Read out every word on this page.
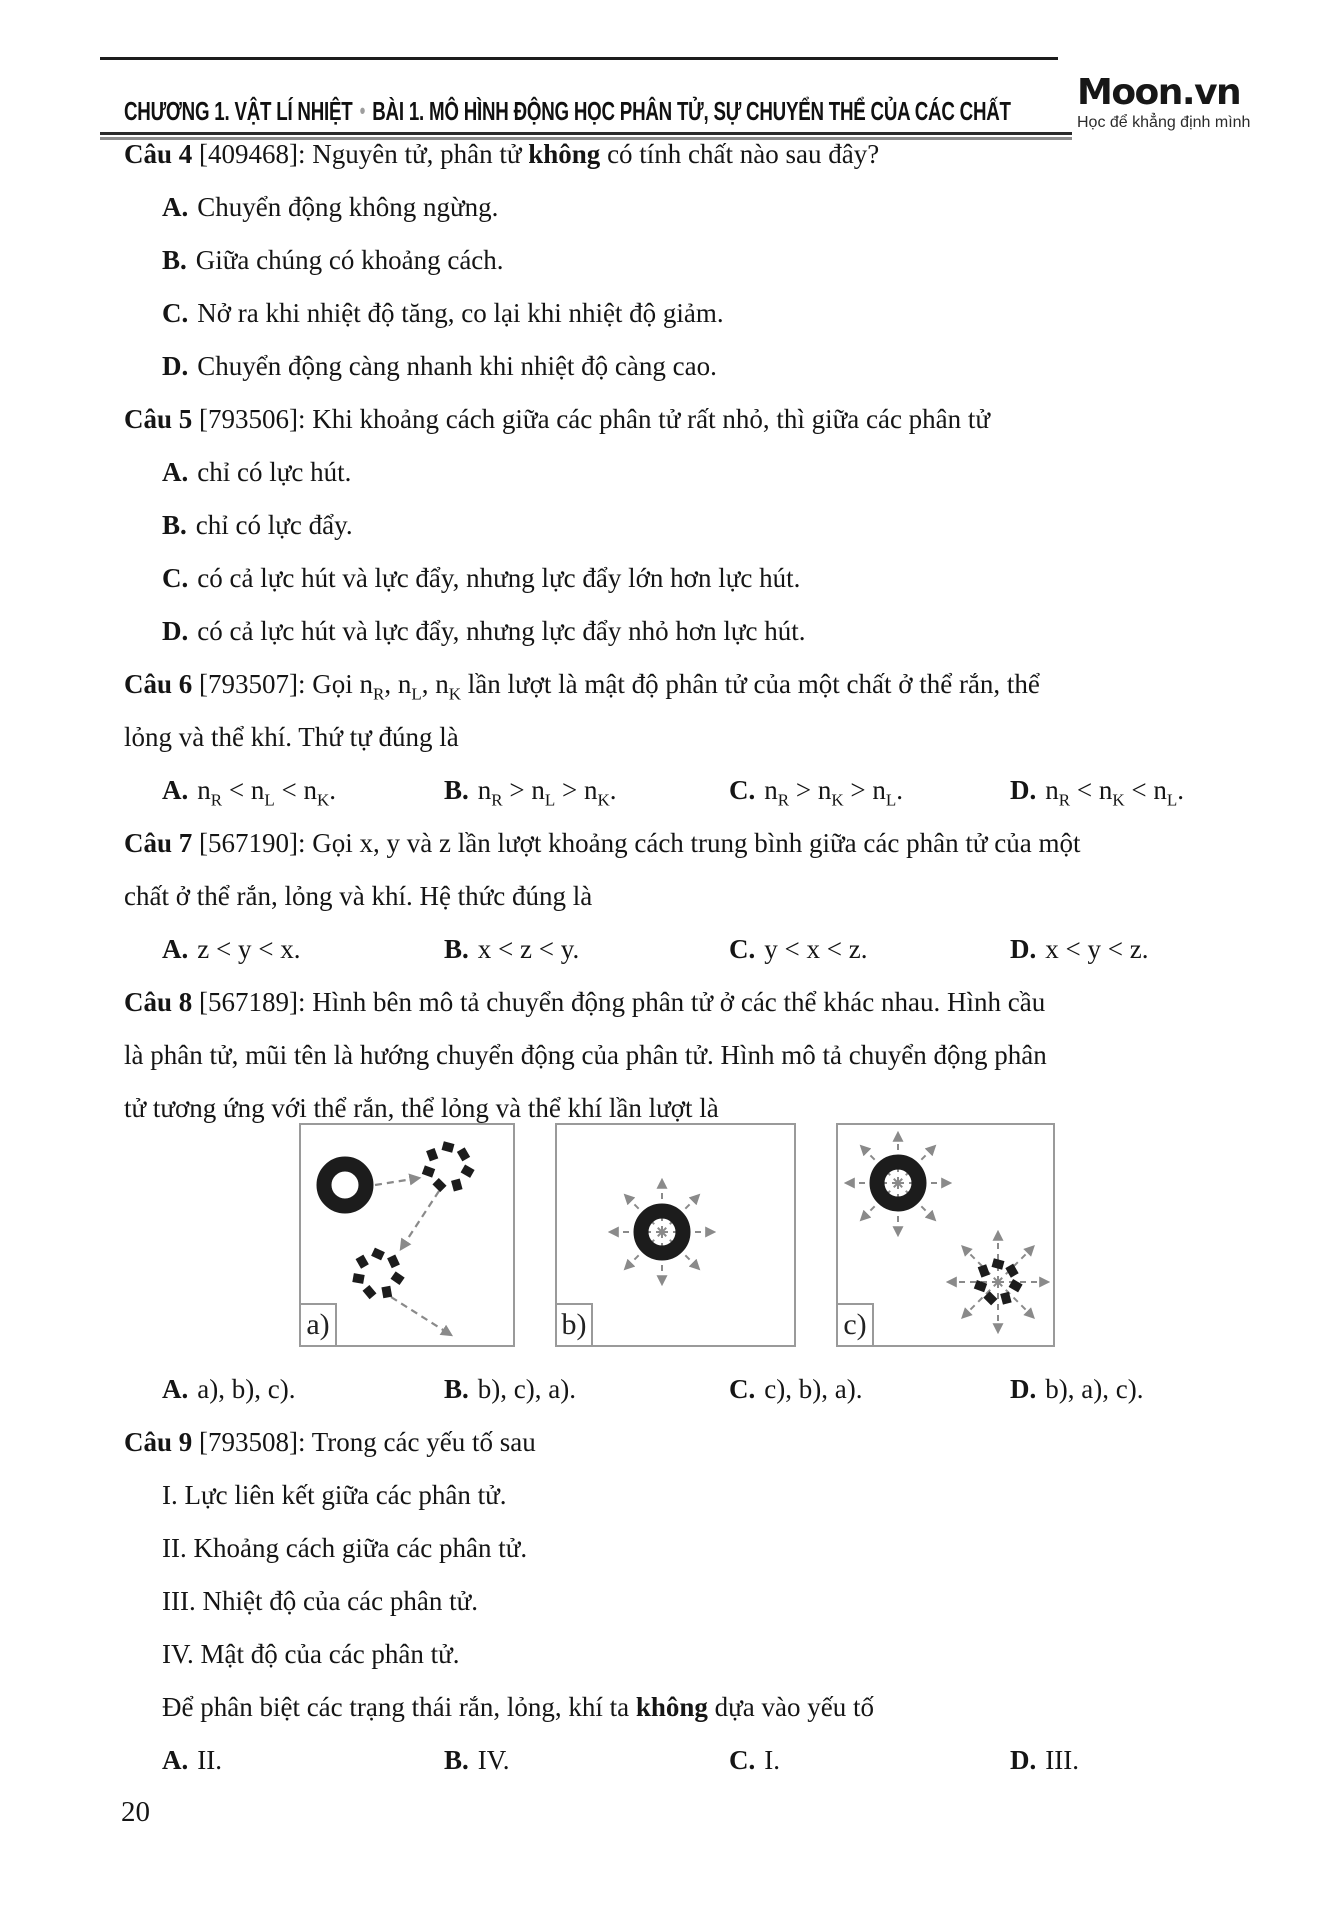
CHƯƠNG 1. VẬT LÍ NHIỆT • BÀI 1. MÔ HÌNH ĐỘNG HỌC PHÂN TỬ, SỰ CHUYỂN THỂ CỦA CÁC CHẤT Moon.vn
Học để khẳng định mình
Câu 4 [409468]: Nguyên tử, phân tử không có tính chất nào sau đây?
A. Chuyển động không ngừng.
B. Giữa chúng có khoảng cách.
C. Nở ra khi nhiệt độ tăng, co lại khi nhiệt độ giảm.
D. Chuyển động càng nhanh khi nhiệt độ càng cao.
Câu 5 [793506]: Khi khoảng cách giữa các phân tử rất nhỏ, thì giữa các phân tử
A. chỉ có lực hút.
B. chỉ có lực đẩy.
C. có cả lực hút và lực đẩy, nhưng lực đẩy lớn hơn lực hút.
D. có cả lực hút và lực đẩy, nhưng lực đẩy nhỏ hơn lực hút.
Câu 6 [793507]: Gọi $n_R$, $n_L$, $n_K$ lần lượt là mật độ phân tử của một chất ở thể rắn, thể
lỏng và thể khí. Thứ tự đúng là
A. $n_R < n_L < n_K$.	B. $n_R > n_L > n_K$.	C. $n_R > n_K > n_L$.	D. $n_R < n_K < n_L$.
Câu 7 [567190]: Gọi x, y và z lần lượt khoảng cách trung bình giữa các phân tử của một
chất ở thể rắn, lỏng và khí. Hệ thức đúng là
A. z < y < x.	B. x < z < y.	C. y < x < z.	D. x < y < z.
Câu 8 [567189]: Hình bên mô tả chuyển động phân tử ở các thể khác nhau. Hình cầu
là phân tử, mũi tên là hướng chuyển động của phân tử. Hình mô tả chuyển động phân
tử tương ứng với thể rắn, thể lỏng và thể khí lần lượt là
a)	b)	c)
A. a), b), c).	B. b), c), a).	C. c), b), a).	D. b), a), c).
Câu 9 [793508]: Trong các yếu tố sau
I. Lực liên kết giữa các phân tử.
II. Khoảng cách giữa các phân tử.
III. Nhiệt độ của các phân tử.
IV. Mật độ của các phân tử.
Để phân biệt các trạng thái rắn, lỏng, khí ta không dựa vào yếu tố
A. II.	B. IV.	C. I.	D. III.
20
